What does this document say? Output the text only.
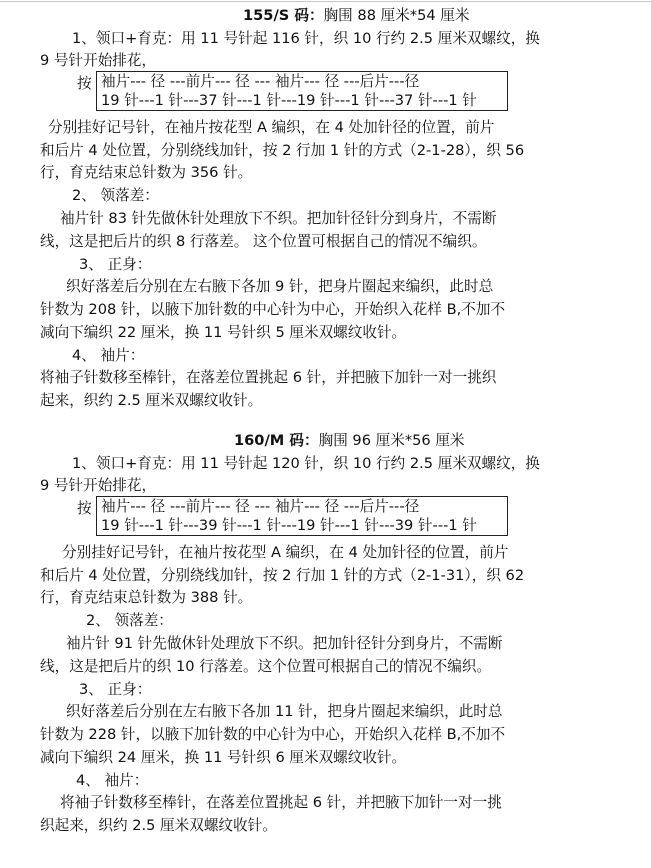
155/S 码：胸围 88 厘米*54 厘米
1、领口+育克：用 11 号针起 116 针，织 10 行约 2.5 厘米双螺纹，换
9 号针开始排花，
按 袖片--- 径 ---前片--- 径 --- 袖片--- 径 ---后片---径
19 针---1 针---37 针---1 针---19 针---1 针---37 针---1 针
分别挂好记号针，在袖片按花型 A 编织，在 4 处加针径的位置，前片
和后片 4 处位置，分别绕线加针，按 2 行加 1 针的方式（2-1-28），织 56
行，育克结束总针数为 356 针。
2、 领落差：
袖片针 83 针先做休针处理放下不织。把加针径针分到身片，不需断
线，这是把后片的织 8 行落差。 这个位置可根据自己的情况不编织。
3、 正身：
织好落差后分别在左右腋下各加 9 针，把身片圈起来编织，此时总
针数为 208 针，以腋下加针数的中心针为中心，开始织入花样 B,不加不
减向下编织 22 厘米，换 11 号针织 5 厘米双螺纹收针。
4、 袖片：
将袖子针数移至棒针，在落差位置挑起 6 针，并把腋下加针一对一挑织
起来，织约 2.5 厘米双螺纹收针。
160/M 码：胸围 96 厘米*56 厘米
1、领口+育克：用 11 号针起 120 针，织 10 行约 2.5 厘米双螺纹，换
9 号针开始排花，
按 袖片--- 径 ---前片--- 径 --- 袖片--- 径 ---后片---径
19 针---1 针---39 针---1 针---19 针---1 针---39 针---1 针
分别挂好记号针，在袖片按花型 A 编织，在 4 处加针径的位置，前片
和后片 4 处位置，分别绕线加针，按 2 行加 1 针的方式（2-1-31），织 62
行，育克结束总针数为 388 针。
2、 领落差：
袖片针 91 针先做休针处理放下不织。把加针径针分到身片，不需断
线，这是把后片的织 10 行落差。这个位置可根据自己的情况不编织。
3、 正身：
织好落差后分别在左右腋下各加 11 针，把身片圈起来编织，此时总
针数为 228 针，以腋下加针数的中心针为中心，开始织入花样 B,不加不
减向下编织 24 厘米，换 11 号针织 6 厘米双螺纹收针。
4、 袖片：
将袖子针数移至棒针，在落差位置挑起 6 针，并把腋下加针一对一挑
织起来，织约 2.5 厘米双螺纹收针。
